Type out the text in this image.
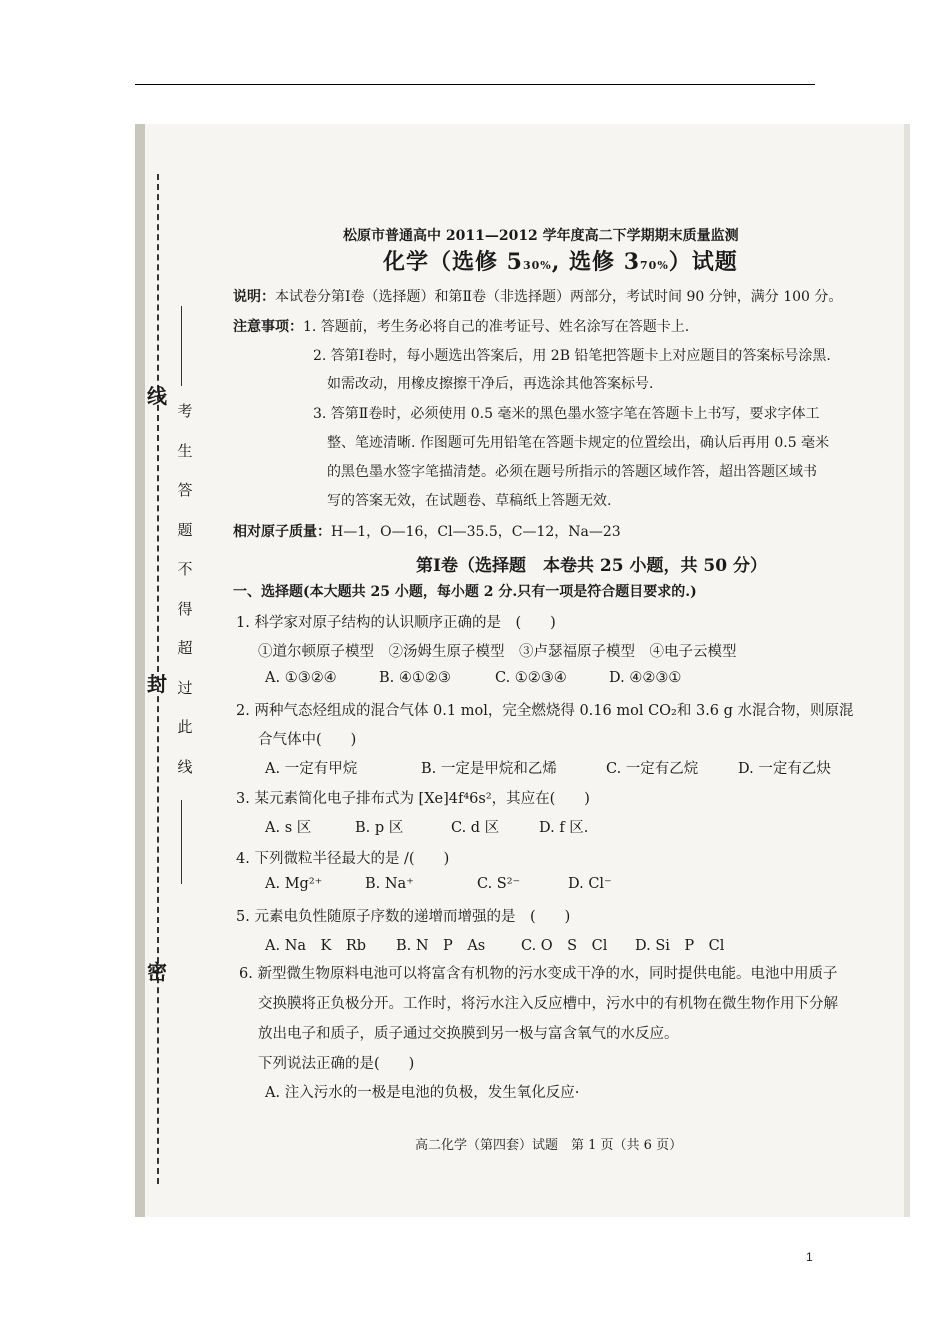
线
封
密
考生答题不得超过此线
松原市普通高中 2011—2012 学年度高二下学期期末质量监测
化学（选修 530%, 选修 370%）试题
说明：本试卷分第Ⅰ卷（选择题）和第Ⅱ卷（非选择题）两部分，考试时间 90 分钟，满分 100 分。
注意事项：1. 答题前，考生务必将自己的准考证号、姓名涂写在答题卡上.
2. 答第Ⅰ卷时，每小题选出答案后，用 2B 铅笔把答题卡上对应题目的答案标号涂黑.
如需改动，用橡皮擦擦干净后，再选涂其他答案标号.
3. 答第Ⅱ卷时，必须使用 0.5 毫米的黑色墨水签字笔在答题卡上书写，要求字体工
整、笔迹清晰. 作图题可先用铅笔在答题卡规定的位置绘出，确认后再用 0.5 毫米
的黑色墨水签字笔描清楚。必须在题号所指示的答题区域作答，超出答题区域书
写的答案无效，在试题卷、草稿纸上答题无效.
相对原子质量：H—1，O—16，Cl—35.5，C—12，Na—23
第Ⅰ卷（选择题　本卷共 25 小题，共 50 分）
一、选择题(本大题共 25 小题，每小题 2 分.只有一项是符合题目要求的.)
1. 科学家对原子结构的认识顺序正确的是　(　　)
①道尔顿原子模型　②汤姆生原子模型　③卢瑟福原子模型　④电子云模型
A. ①③②④	B. ④①②③	C. ①②③④	D. ④②③①
2. 两种气态烃组成的混合气体 0.1 mol，完全燃烧得 0.16 mol CO₂和 3.6 g 水混合物，则原混
合气体中(　　)
A. 一定有甲烷	B. 一定是甲烷和乙烯	C. 一定有乙烷	D. 一定有乙炔
3. 某元素简化电子排布式为 [Xe]4f⁴6s²，其应在(　　)
A. s 区	B. p 区	C. d 区	D. f 区.
4. 下列微粒半径最大的是 /(　　)
A. Mg²⁺	B. Na⁺	C. S²⁻	D. Cl⁻
5. 元素电负性随原子序数的递增而增强的是　(　　)
A. Na　K　Rb B. N　P　As C. O　S　Cl D. Si　P　Cl
6. 新型微生物原料电池可以将富含有机物的污水变成干净的水，同时提供电能。电池中用质子
交换膜将正负极分开。工作时，将污水注入反应槽中，污水中的有机物在微生物作用下分解
放出电子和质子，质子通过交换膜到另一极与富含氧气的水反应。
下列说法正确的是(　　)
A. 注入污水的一极是电池的负极，发生氧化反应·
高二化学（第四套）试题　第 1 页（共 6 页）
1
